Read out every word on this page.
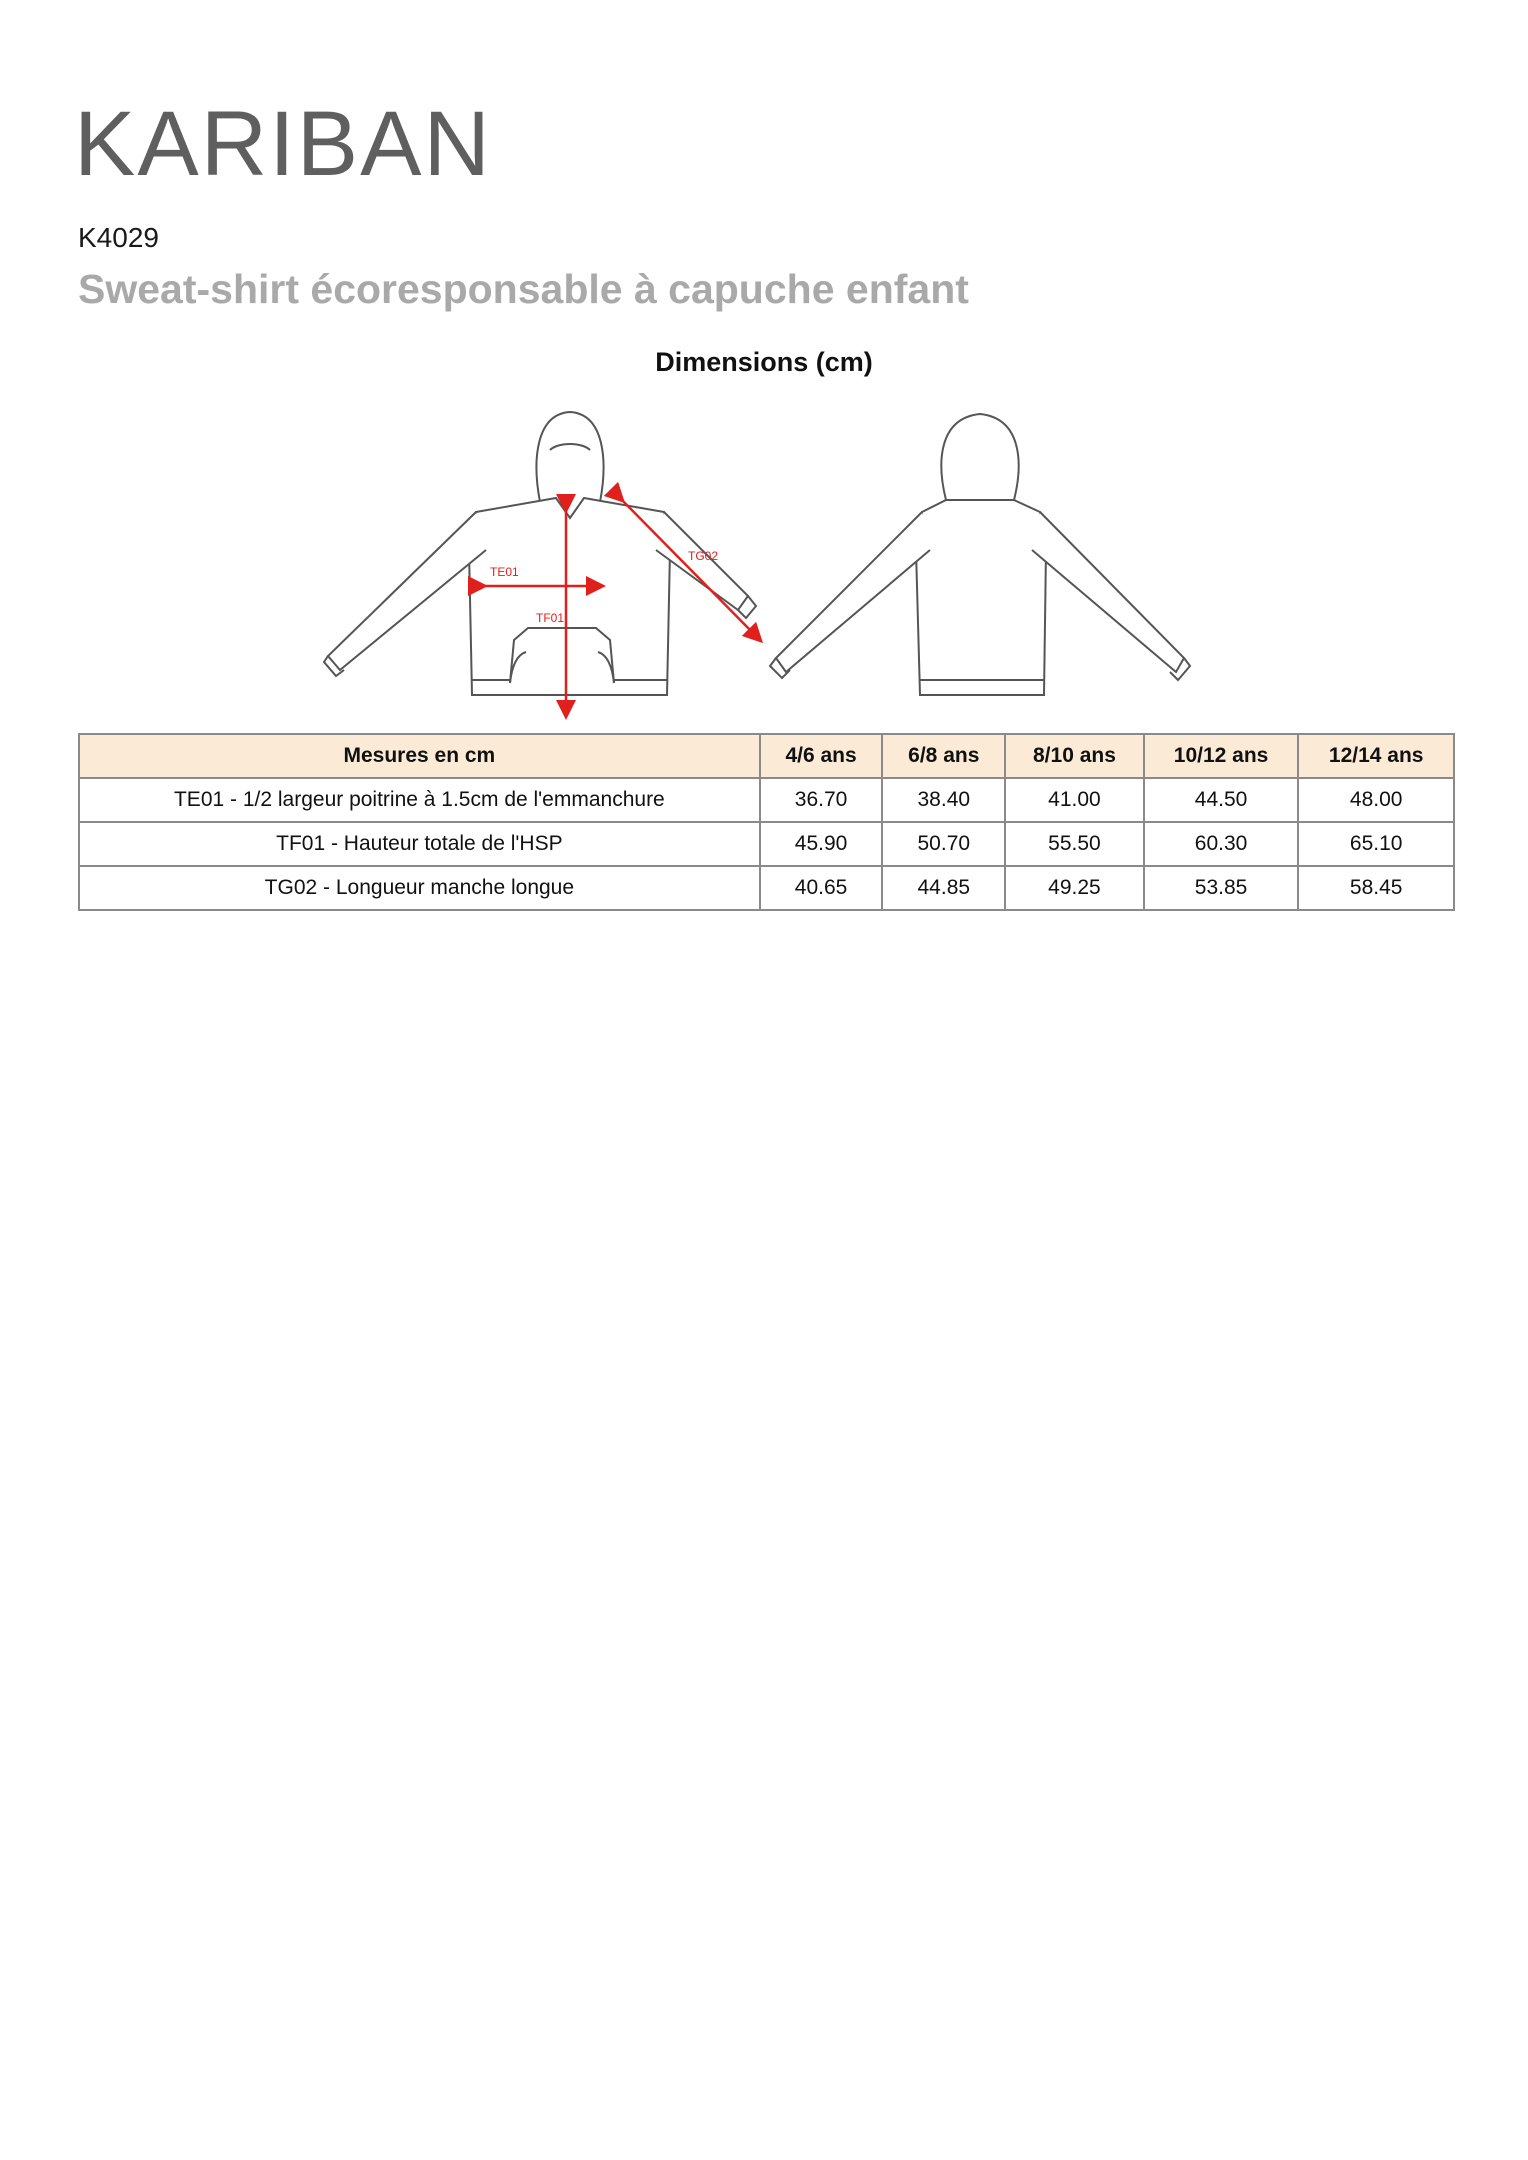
KARIBAN
K4029
Sweat-shirt écoresponsable à capuche enfant
Dimensions (cm)
TE01
TF01
TG02
Mesures en cm	4/6 ans	6/8 ans	8/10 ans	10/12 ans	12/14 ans
TE01 - 1/2 largeur poitrine à 1.5cm de l'emmanchure	36.70	38.40	41.00	44.50	48.00
TF01 - Hauteur totale de l'HSP	45.90	50.70	55.50	60.30	65.10
TG02 - Longueur manche longue	40.65	44.85	49.25	53.85	58.45
